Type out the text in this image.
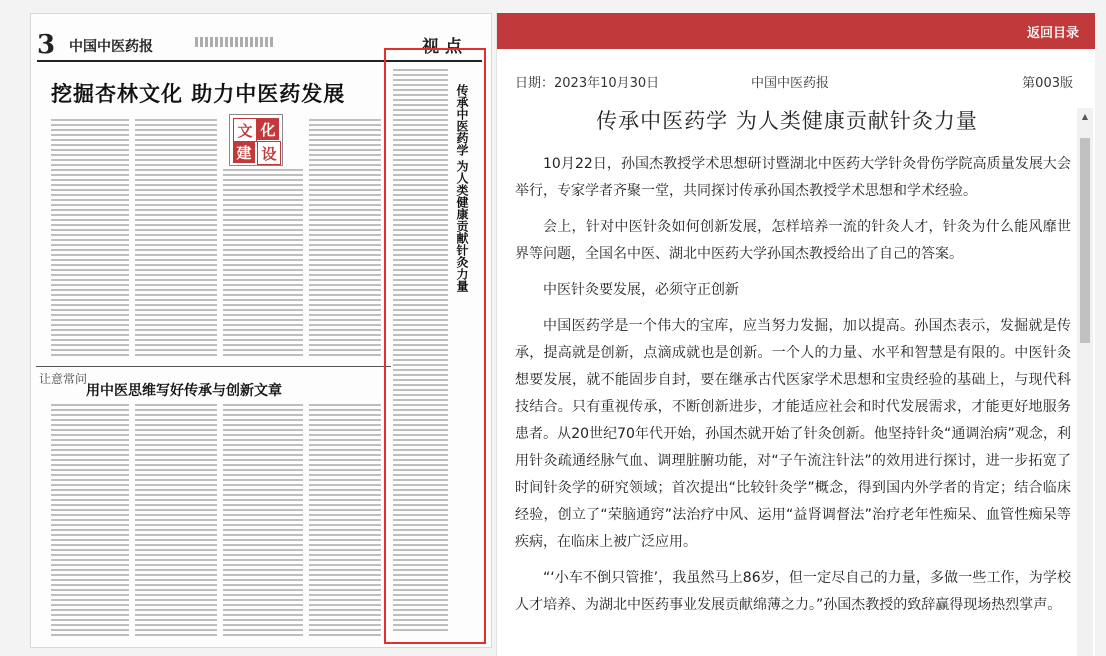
3 中国中医药报	视点
挖掘杏林文化 助力中医药发展
文 化
建 设
让意常问
用中医思维写好传承与创新文章
传承中医药学 为人类健康贡献针灸力量
返回目录
日期：2023年10月30日	中国中医药报	第003版
传承中医药学 为人类健康贡献针灸力量

10月22日，孙国杰教授学术思想研讨暨湖北中医药大学针灸骨伤学院高质量发展大会举行，专家学者齐聚一堂，共同探讨传承孙国杰教授学术思想和学术经验。

会上，针对中医针灸如何创新发展，怎样培养一流的针灸人才，针灸为什么能风靡世界等问题，全国名中医、湖北中医药大学孙国杰教授给出了自己的答案。

中医针灸要发展，必须守正创新

中国医药学是一个伟大的宝库，应当努力发掘，加以提高。孙国杰表示，发掘就是传承，提高就是创新，点滴成就也是创新。一个人的力量、水平和智慧是有限的。中医针灸想要发展，就不能固步自封，要在继承古代医家学术思想和宝贵经验的基础上，与现代科技结合。只有重视传承，不断创新进步，才能适应社会和时代发展需求，才能更好地服务患者。从20世纪70年代开始，孙国杰就开始了针灸创新。他坚持针灸“通调治病”观念，利用针灸疏通经脉气血、调理脏腑功能，对“子午流注针法”的效用进行探讨，进一步拓宽了时间针灸学的研究领域；首次提出“比较针灸学”概念，得到国内外学者的肯定；结合临床经验，创立了“荣脑通窍”法治疗中风、运用“益肾调督法”治疗老年性痴呆、血管性痴呆等疾病，在临床上被广泛应用。

“‘小车不倒只管推’，我虽然马上86岁，但一定尽自己的力量，多做一些工作，为学校人才培养、为湖北中医药事业发展贡献绵薄之力。”孙国杰教授的致辞赢得现场热烈掌声。

▲
